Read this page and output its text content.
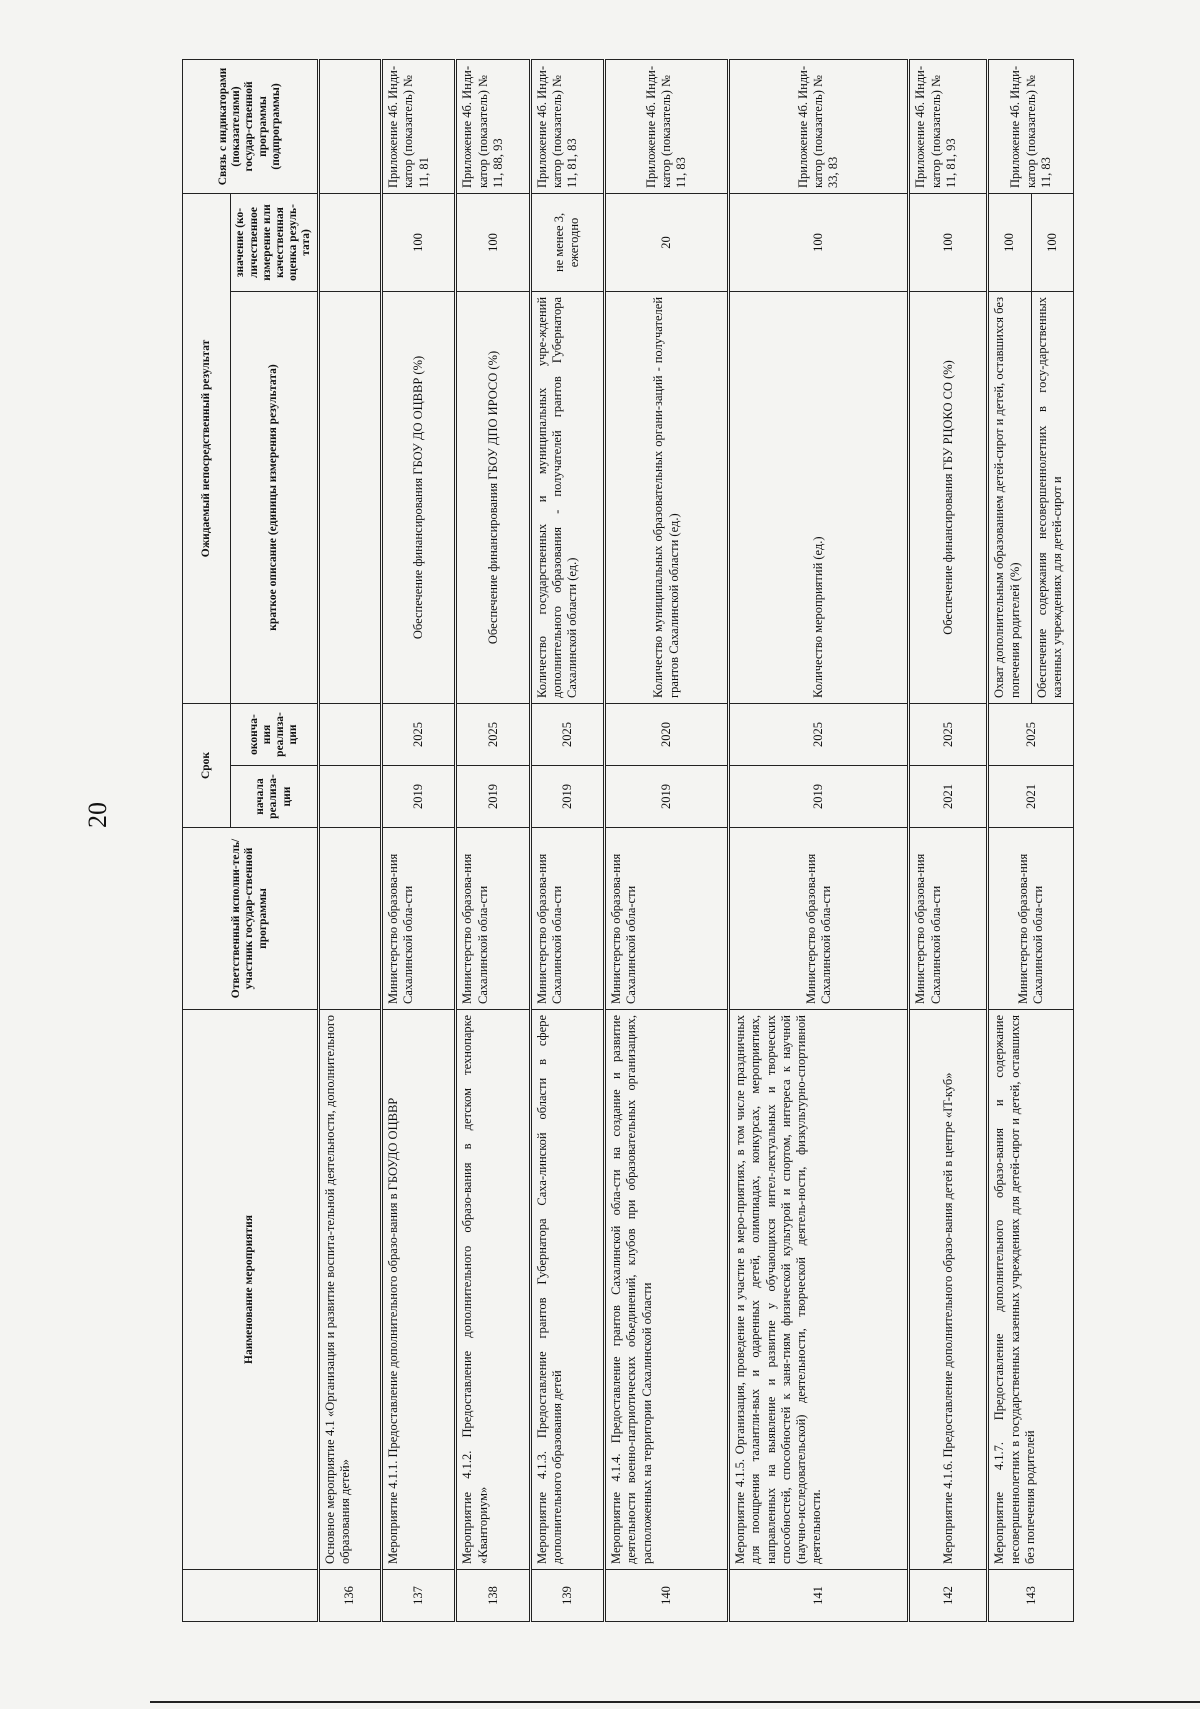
20
	Наименование мероприятия	Ответственный исполни-тель/участник государ-ственной программы	Срок		Ожидаемый непосредственный результат		Связь с индикаторами (показателями) государ-ственной программы (подпрограммы)
			начала реализа-ции	оконча-ния реализа-ции	краткое описание (единицы измерения результата)	значение (ко-личественное измерение или качественная оценка резуль-тата)	
136	Основное мероприятие 4.1 «Организация и развитие воспита-тельной деятельности, дополнительного образования детей»						
137	Мероприятие 4.1.1. Предоставление дополнительного образо-вания в ГБОУДО ОЦВВР	Министерство образова-ния Сахалинской обла-сти	2019	2025	Обеспечение финансирования ГБОУ ДО ОЦВВР (%)	100	Приложение 4б. Инди-катор (показатель) № 11, 81
138	Мероприятие 4.1.2. Предоставление дополнительного образо-вания в детском технопарке «Кванториум»	Министерство образова-ния Сахалинской обла-сти	2019	2025	Обеспечение финансирования ГБОУ ДПО ИРОСО (%)	100	Приложение 4б. Инди-катор (показатель) № 11, 88, 93
139	Мероприятие 4.1.3. Предоставление грантов Губернатора Саха-линской области в сфере дополнительного образования детей	Министерство образова-ния Сахалинской обла-сти	2019	2025	Количество государственных и муниципальных учре-ждений дополнительного образования - получателей грантов Губернатора Сахалинской области (ед.)	не менее 3, ежегодно	Приложение 4б. Инди-катор (показатель) № 11, 81, 83
140	Мероприятие 4.1.4. Предоставление грантов Сахалинской обла-сти на создание и развитие деятельности военно-патриотических объединений, клубов при образовательных организациях, расположенных на территории Сахалинской области	Министерство образова-ния Сахалинской обла-сти	2019	2020	Количество муниципальных образовательных органи-заций - получателей грантов Сахалинской области (ед.)	20	Приложение 4б. Инди-катор (показатель) № 11, 83
141	Мероприятие 4.1.5. Организация, проведение и участие в меро-приятиях, в том числе праздничных для поощрения талантли-вых и одаренных детей, олимпиадах, конкурсах, мероприятиях, направленных на выявление и развитие у обучающихся интел-лектуальных и творческих способностей, способностей к заня-тиям физической культурой и спортом, интереса к научной (научно-исследовательской) деятельности, творческой деятель-ности, физкультурно-спортивной деятельности.	Министерство образова-ния Сахалинской обла-сти	2019	2025	Количество мероприятий (ед.)	100	Приложение 4б. Инди-катор (показатель) № 33, 83
142	Мероприятие 4.1.6. Предоставление дополнительного образо-вания детей в центре «IT-куб»	Министерство образова-ния Сахалинской обла-сти	2021	2025	Обеспечение финансирования ГБУ РЦОКО СО (%)	100	Приложение 4б. Инди-катор (показатель) № 11, 81, 93
143	Мероприятие 4.1.7. Предоставление дополнительного образо-вания и содержание несовершеннолетних в государственных казенных учреждениях для детей-сирот и детей, оставшихся без попечения родителей	Министерство образова-ния Сахалинской обла-сти	2021	2025	Охват дополнительным образованием детей-сирот и детей, оставшихся без попечения родителей (%)	100	Приложение 4б. Инди-катор (показатель) № 11, 83
					Обеспечение содержания несовершеннолетних в госу-дарственных казенных учреждениях для детей-сирот и	100	
